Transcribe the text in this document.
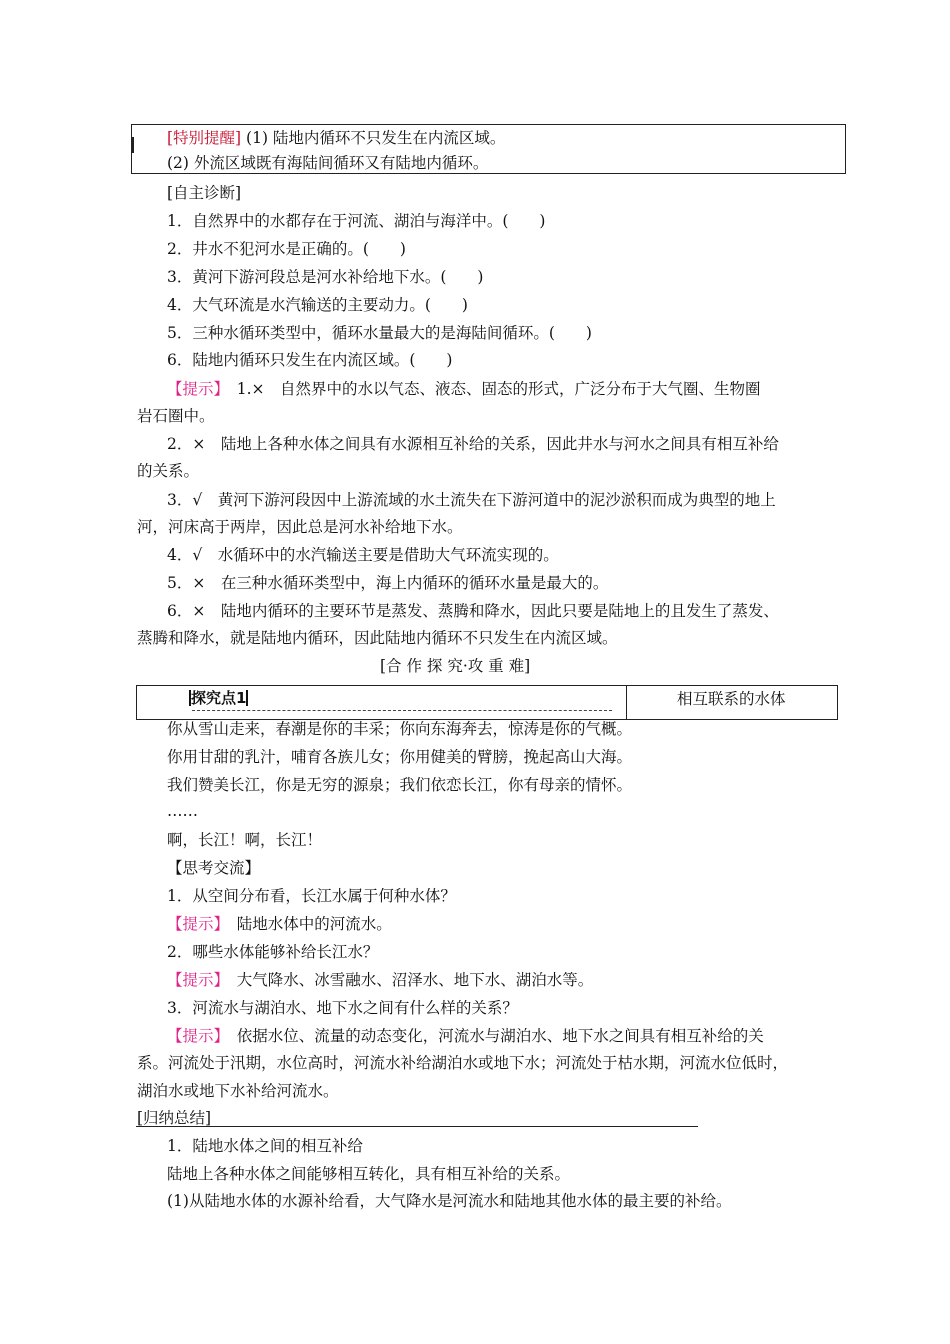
[特别提醒] (1) 陆地内循环不只发生在内流区域。
(2) 外流区域既有海陆间循环又有陆地内循环。
[自主诊断]
1．自然界中的水都存在于河流、湖泊与海洋中。(　　)
2．井水不犯河水是正确的。(　　)
3．黄河下游河段总是河水补给地下水。(　　)
4．大气环流是水汽输送的主要动力。(　　)
5．三种水循环类型中，循环水量最大的是海陆间循环。(　　)
6．陆地内循环只发生在内流区域。(　　)
【提示】　1.×　自然界中的水以气态、液态、固态的形式，广泛分布于大气圈、生物圈
岩石圈中。
2．×　陆地上各种水体之间具有水源相互补给的关系，因此井水与河水之间具有相互补给
的关系。
3．√　黄河下游河段因中上游流域的水土流失在下游河道中的泥沙淤积而成为典型的地上
河，河床高于两岸，因此总是河水补给地下水。
4．√　水循环中的水汽输送主要是借助大气环流实现的。
5．×　在三种水循环类型中，海上内循环的循环水量是最大的。
6．×　陆地内循环的主要环节是蒸发、蒸腾和降水，因此只要是陆地上的且发生了蒸发、
蒸腾和降水，就是陆地内循环，因此陆地内循环不只发生在内流区域。
[合 作 探 究·攻 重 难]
探究点1	相互联系的水体
你从雪山走来，春潮是你的丰采；你向东海奔去，惊涛是你的气概。
你用甘甜的乳汁，哺育各族儿女；你用健美的臂膀，挽起高山大海。
我们赞美长江，你是无穷的源泉；我们依恋长江，你有母亲的情怀。
……
啊，长江！啊，长江！
【思考交流】
1．从空间分布看，长江水属于何种水体？
【提示】　陆地水体中的河流水。
2．哪些水体能够补给长江水？
【提示】　大气降水、冰雪融水、沼泽水、地下水、湖泊水等。
3．河流水与湖泊水、地下水之间有什么样的关系？
【提示】　依据水位、流量的动态变化，河流水与湖泊水、地下水之间具有相互补给的关
系。河流处于汛期，水位高时，河流水补给湖泊水或地下水；河流处于枯水期，河流水位低时，
湖泊水或地下水补给河流水。
[归纳总结]
1．陆地水体之间的相互补给
陆地上各种水体之间能够相互转化，具有相互补给的关系。
(1)从陆地水体的水源补给看，大气降水是河流水和陆地其他水体的最主要的补给。
